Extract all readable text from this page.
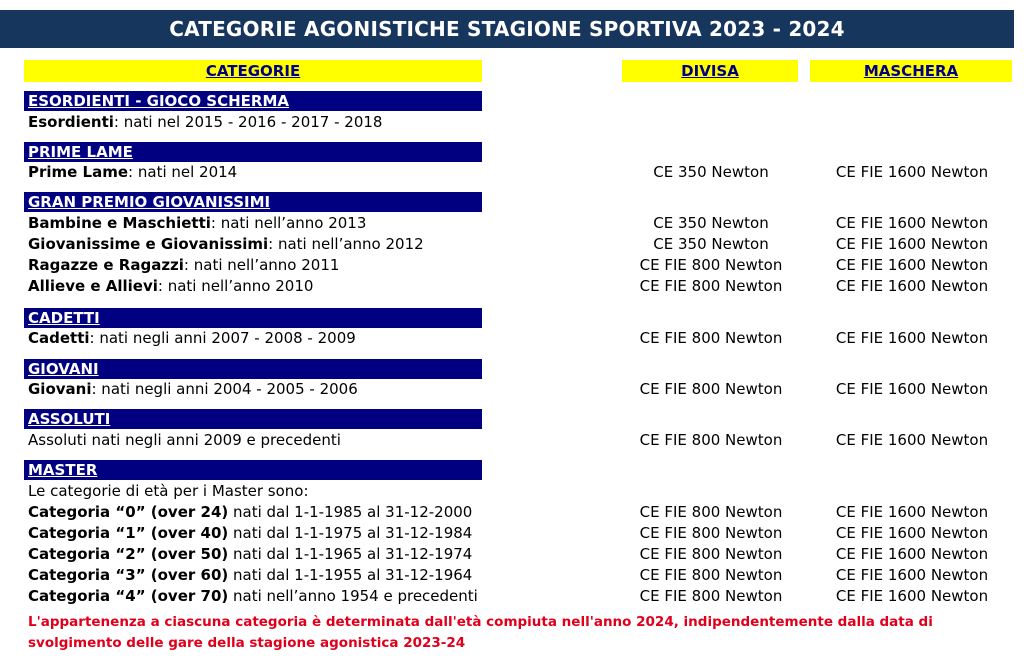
CATEGORIE AGONISTICHE STAGIONE SPORTIVA 2023 - 2024
CATEGORIE	DIVISA	MASCHERA
ESORDIENTI - GIOCO SCHERMA
Esordienti: nati nel 2015 - 2016 - 2017 - 2018
PRIME LAME
Prime Lame: nati nel 2014	CE 350 Newton	CE FIE 1600 Newton
GRAN PREMIO GIOVANISSIMI
Bambine e Maschietti: nati nell’anno 2013	CE 350 Newton	CE FIE 1600 Newton
Giovanissime e Giovanissimi: nati nell’anno 2012	CE 350 Newton	CE FIE 1600 Newton
Ragazze e Ragazzi: nati nell’anno 2011	CE FIE 800 Newton	CE FIE 1600 Newton
Allieve e Allievi: nati nell’anno 2010	CE FIE 800 Newton	CE FIE 1600 Newton
CADETTI
Cadetti: nati negli anni 2007 - 2008 - 2009	CE FIE 800 Newton	CE FIE 1600 Newton
GIOVANI
Giovani: nati negli anni 2004 - 2005 - 2006	CE FIE 800 Newton	CE FIE 1600 Newton
ASSOLUTI
Assoluti nati negli anni 2009 e precedenti	CE FIE 800 Newton	CE FIE 1600 Newton
MASTER
Le categorie di età per i Master sono:
Categoria “0” (over 24) nati dal 1-1-1985 al 31-12-2000	CE FIE 800 Newton	CE FIE 1600 Newton
Categoria “1” (over 40) nati dal 1-1-1975 al 31-12-1984	CE FIE 800 Newton	CE FIE 1600 Newton
Categoria “2” (over 50) nati dal 1-1-1965 al 31-12-1974	CE FIE 800 Newton	CE FIE 1600 Newton
Categoria “3” (over 60) nati dal 1-1-1955 al 31-12-1964	CE FIE 800 Newton	CE FIE 1600 Newton
Categoria “4” (over 70) nati nell’anno 1954 e precedenti	CE FIE 800 Newton	CE FIE 1600 Newton
L'appartenenza a ciascuna categoria è determinata dall'età compiuta nell'anno 2024, indipendentemente dalla data di svolgimento delle gare della stagione agonistica 2023-24
